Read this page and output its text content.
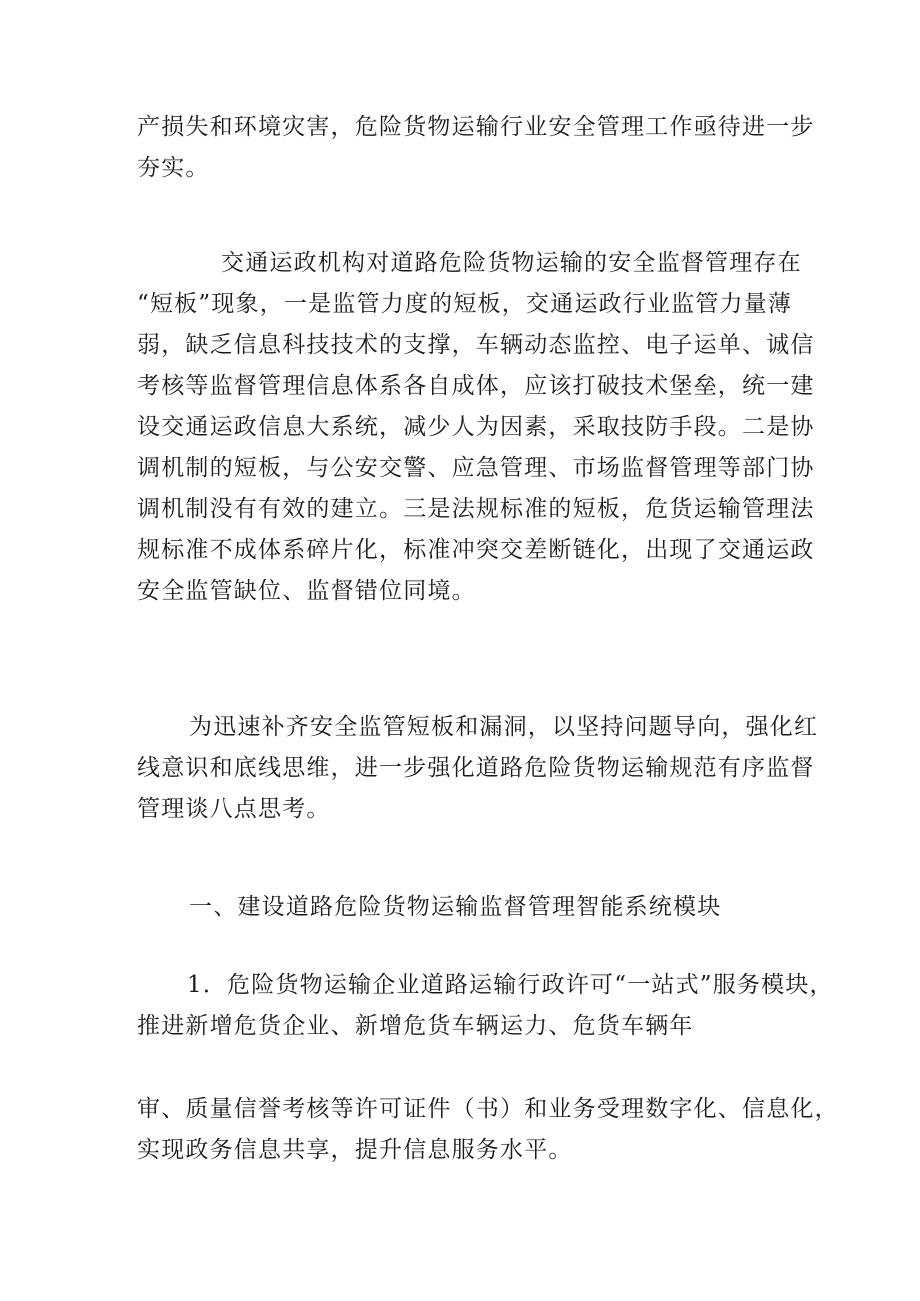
产损失和环境灾害，危险货物运输行业安全管理工作亟待进一步
夯实。

交通运政机构对道路危险货物运输的安全监督管理存在
“短板”现象，一是监管力度的短板，交通运政行业监管力量薄
弱，缺乏信息科技技术的支撑，车辆动态监控、电子运单、诚信
考核等监督管理信息体系各自成体，应该打破技术堡垒，统一建
设交通运政信息大系统，减少人为因素，采取技防手段。二是协
调机制的短板，与公安交警、应急管理、市场监督管理等部门协
调机制没有有效的建立。三是法规标准的短板，危货运输管理法
规标准不成体系碎片化，标准冲突交差断链化，出现了交通运政
安全监管缺位、监督错位同境。

为迅速补齐安全监管短板和漏洞，以坚持问题导向，强化红
线意识和底线思维，进一步强化道路危险货物运输规范有序监督
管理谈八点思考。

一、建设道路危险货物运输监督管理智能系统模块

1．危险货物运输企业道路运输行政许可“一站式”服务模块，
推进新增危货企业、新增危货车辆运力、危货车辆年

审、质量信誉考核等许可证件（书）和业务受理数字化、信息化，
实现政务信息共享，提升信息服务水平。
